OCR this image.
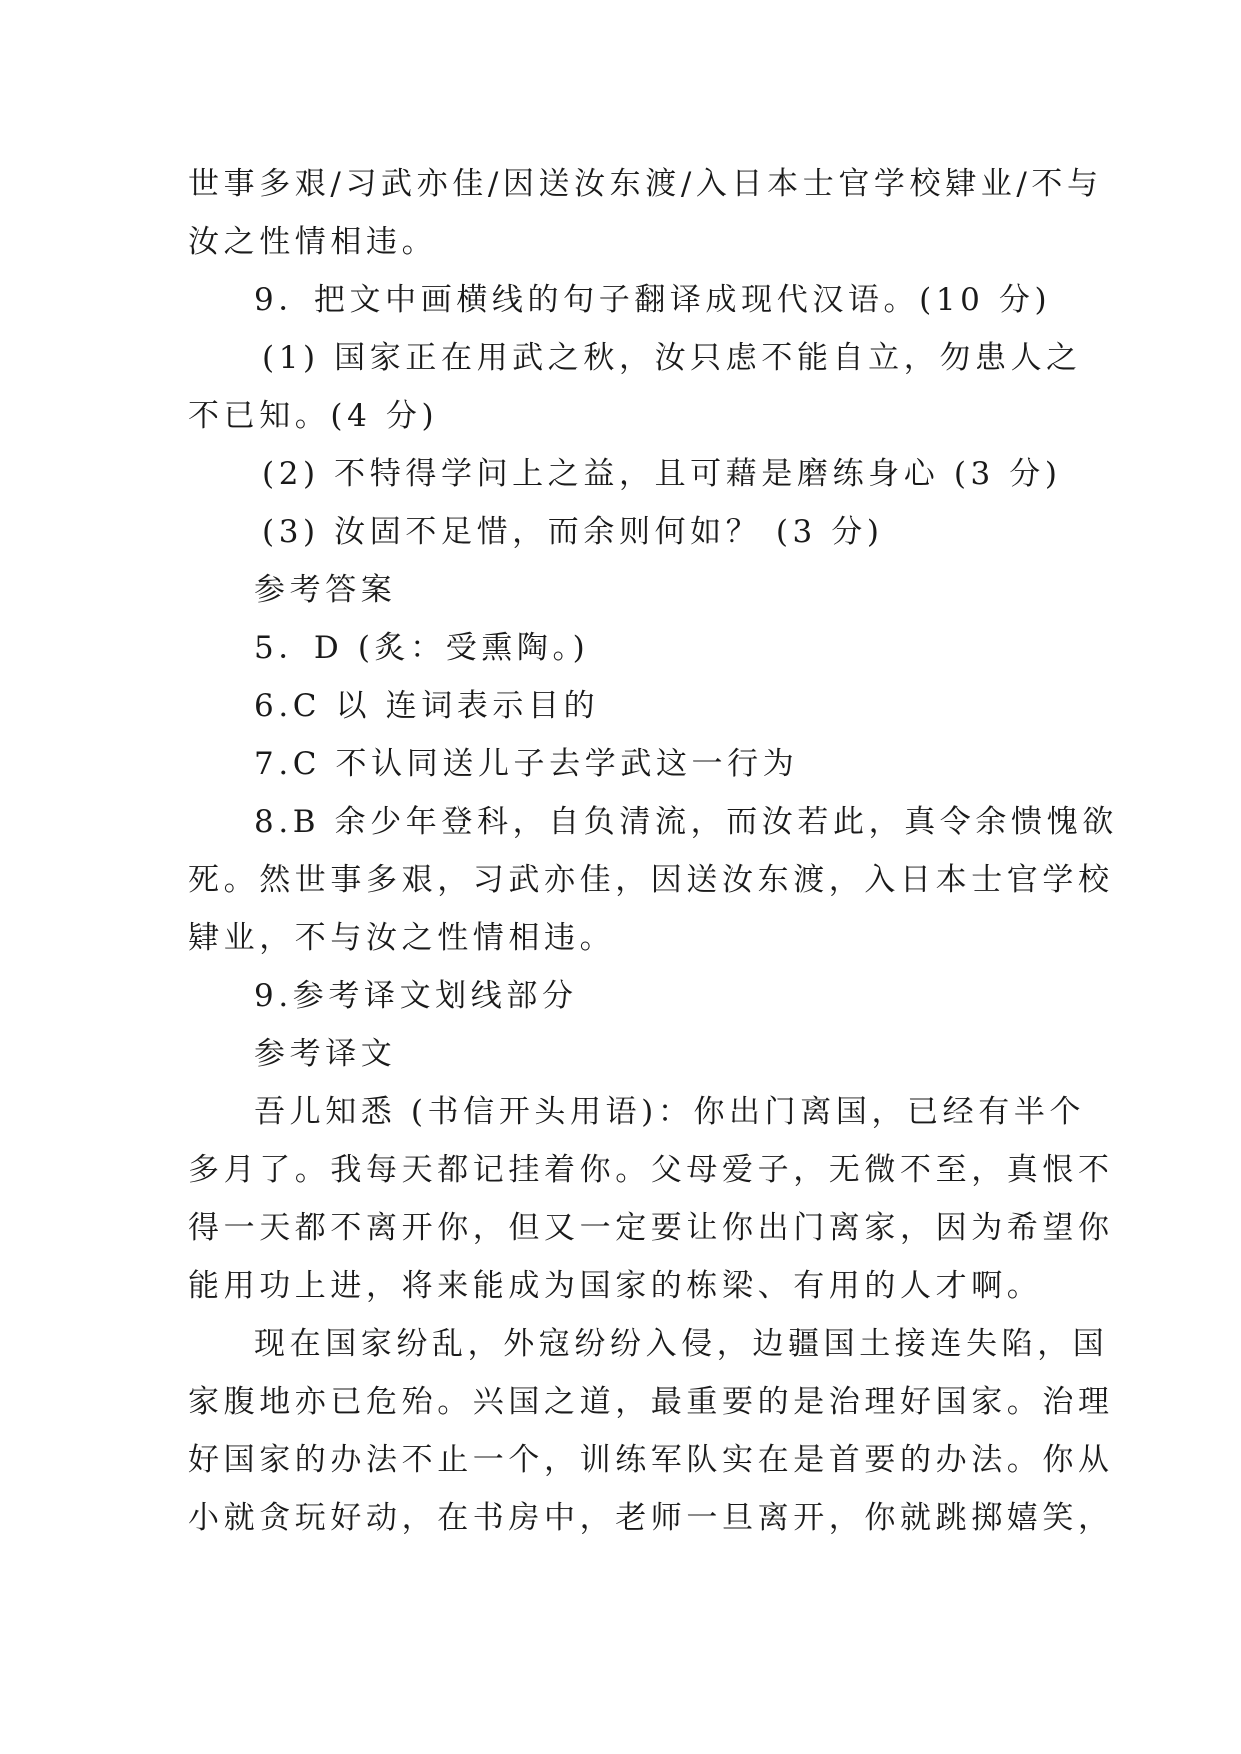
世事多艰/习武亦佳/因送汝东渡/入日本士官学校肄业/不与
汝之性情相违。
9．把文中画横线的句子翻译成现代汉语。(10 分)
(1) 国家正在用武之秋，汝只虑不能自立，勿患人之
不已知。(4 分)
(2) 不特得学问上之益，且可藉是磨练身心 (3 分)
(3) 汝固不足惜，而余则何如？ (3 分)
参考答案
5．D (炙：受熏陶。)
6.C 以 连词表示目的
7.C 不认同送儿子去学武这一行为
8.B 余少年登科，自负清流，而汝若此，真令余愦愧欲
死。然世事多艰，习武亦佳，因送汝东渡，入日本士官学校
肄业，不与汝之性情相违。
9.参考译文划线部分
参考译文
吾儿知悉 (书信开头用语)：你出门离国，已经有半个
多月了。我每天都记挂着你。父母爱子，无微不至，真恨不
得一天都不离开你，但又一定要让你出门离家，因为希望你
能用功上进，将来能成为国家的栋梁、有用的人才啊。
现在国家纷乱，外寇纷纷入侵，边疆国土接连失陷，国
家腹地亦已危殆。兴国之道，最重要的是治理好国家。治理
好国家的办法不止一个，训练军队实在是首要的办法。你从
小就贪玩好动，在书房中，老师一旦离开，你就跳掷嬉笑，
